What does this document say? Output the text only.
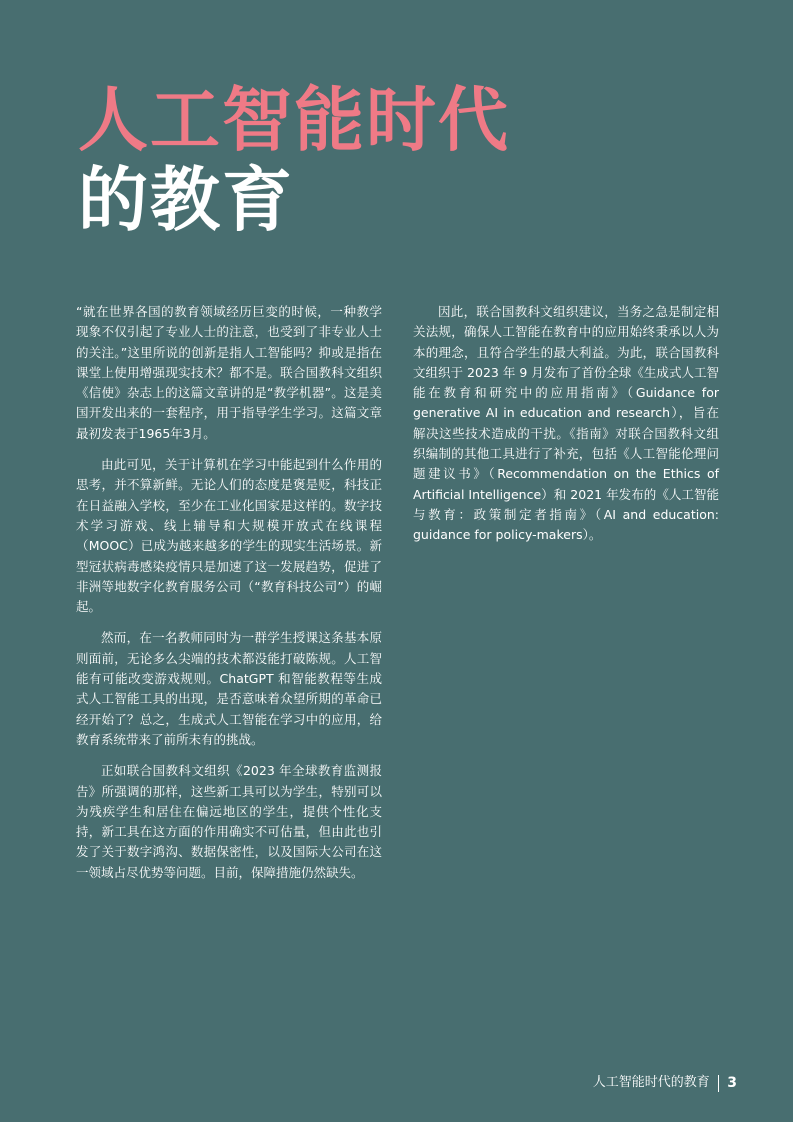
人工智能时代
的教育

“就在世界各国的教育领域经历巨变的时候，一种教学现象不仅引起了专业人士的注意，也受到了非专业人士的关注。”这里所说的创新是指人工智能吗？抑或是指在课堂上使用增强现实技术？都不是。联合国教科文组织《信使》杂志上的这篇文章讲的是“教学机器”。这是美国开发出来的一套程序，用于指导学生学习。这篇文章最初发表于1965年3月。

由此可见，关于计算机在学习中能起到什么作用的思考，并不算新鲜。无论人们的态度是褒是贬，科技正在日益融入学校，至少在工业化国家是这样的。数字技术学习游戏、线上辅导和大规模开放式在线课程（MOOC）已成为越来越多的学生的现实生活场景。新型冠状病毒感染疫情只是加速了这一发展趋势，促进了非洲等地数字化教育服务公司（“教育科技公司”）的崛起。

然而，在一名教师同时为一群学生授课这条基本原则面前，无论多么尖端的技术都没能打破陈规。人工智能有可能改变游戏规则。ChatGPT 和智能教程等生成式人工智能工具的出现，是否意味着众望所期的革命已经开始了？总之，生成式人工智能在学习中的应用，给教育系统带来了前所未有的挑战。

正如联合国教科文组织《2023 年全球教育监测报告》所强调的那样，这些新工具可以为学生，特别可以为残疾学生和居住在偏远地区的学生，提供个性化支持，新工具在这方面的作用确实不可估量，但由此也引发了关于数字鸿沟、数据保密性，以及国际大公司在这一领域占尽优势等问题。目前，保障措施仍然缺失。

因此，联合国教科文组织建议，当务之急是制定相关法规，确保人工智能在教育中的应用始终秉承以人为本的理念，且符合学生的最大利益。为此，联合国教科文组织于 2023 年 9 月发布了首份全球《生成式人工智能在教育和研究中的应用指南》（Guidance for generative AI in education and research），旨在解决这些技术造成的干扰。《指南》对联合国教科文组织编制的其他工具进行了补充，包括《人工智能伦理问题建议书》（Recommendation on the Ethics of Artificial Intelligence）和 2021 年发布的《人工智能与教育：政策制定者指南》（AI and education: guidance for policy-makers）。

人工智能时代的教育 3
